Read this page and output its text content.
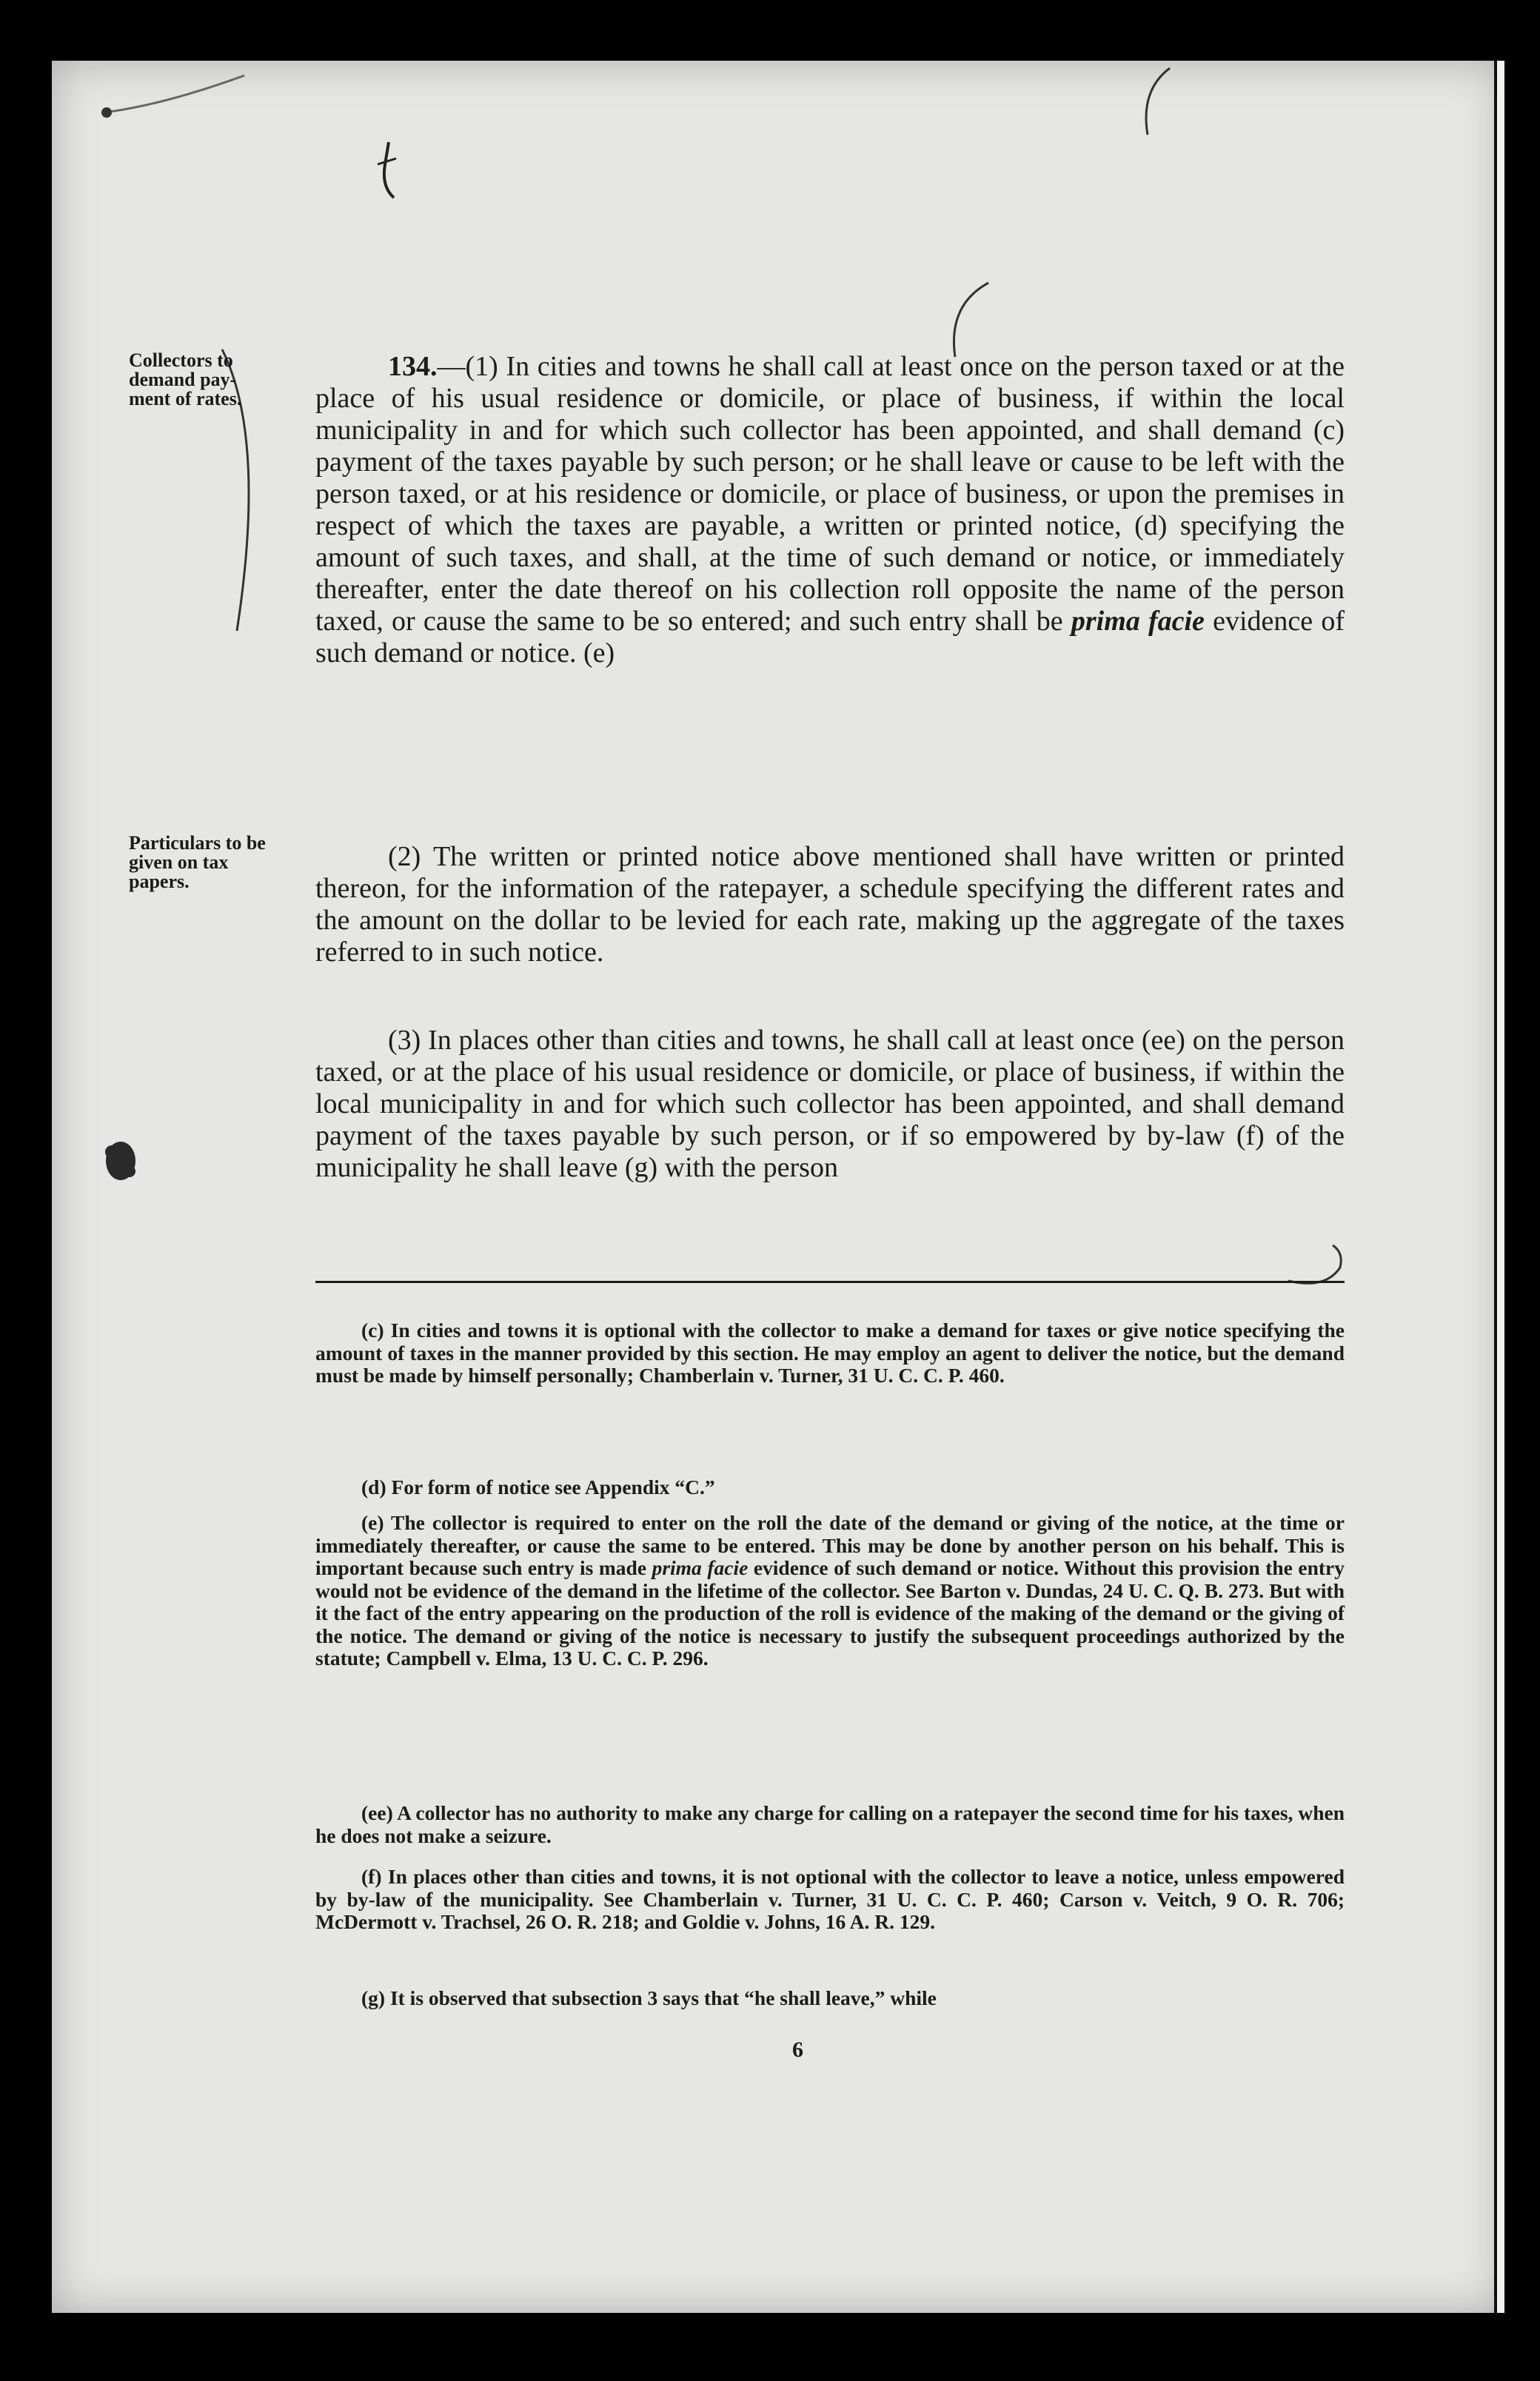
Collectors to demand pay-ment of rates.

Particulars to be given on tax papers.

134.—(1) In cities and towns he shall call at least once on the person taxed or at the place of his usual residence or domicile, or place of business, if within the local municipality in and for which such collector has been appointed, and shall demand (c) payment of the taxes payable by such person; or he shall leave or cause to be left with the person taxed, or at his residence or domicile, or place of business, or upon the premises in respect of which the taxes are payable, a written or printed notice, (d) specifying the amount of such taxes, and shall, at the time of such demand or notice, or immediately thereafter, enter the date thereof on his collection roll opposite the name of the person taxed, or cause the same to be so entered; and such entry shall be prima facie evidence of such demand or notice. (e)

(2) The written or printed notice above mentioned shall have written or printed thereon, for the information of the ratepayer, a schedule specifying the different rates and the amount on the dollar to be levied for each rate, making up the aggregate of the taxes referred to in such notice.

(3) In places other than cities and towns, he shall call at least once (ee) on the person taxed, or at the place of his usual residence or domicile, or place of business, if within the local municipality in and for which such collector has been appointed, and shall demand payment of the taxes payable by such person, or if so empowered by by-law (f) of the municipality he shall leave (g) with the person

(c) In cities and towns it is optional with the collector to make a demand for taxes or give notice specifying the amount of taxes in the manner provided by this section. He may employ an agent to deliver the notice, but the demand must be made by himself personally; Chamberlain v. Turner, 31 U. C. C. P. 460.

(d) For form of notice see Appendix “C.”

(e) The collector is required to enter on the roll the date of the demand or giving of the notice, at the time or immediately thereafter, or cause the same to be entered. This may be done by another person on his behalf. This is important because such entry is made prima facie evidence of such demand or notice. Without this provision the entry would not be evidence of the demand in the lifetime of the collector. See Barton v. Dundas, 24 U. C. Q. B. 273. But with it the fact of the entry appearing on the production of the roll is evidence of the making of the demand or the giving of the notice. The demand or giving of the notice is necessary to justify the subsequent proceedings authorized by the statute; Campbell v. Elma, 13 U. C. C. P. 296.

(ee) A collector has no authority to make any charge for calling on a ratepayer the second time for his taxes, when he does not make a seizure.

(f) In places other than cities and towns, it is not optional with the collector to leave a notice, unless empowered by by-law of the municipality. See Chamberlain v. Turner, 31 U. C. C. P. 460; Carson v. Veitch, 9 O. R. 706; McDermott v. Trachsel, 26 O. R. 218; and Goldie v. Johns, 16 A. R. 129.

(g) It is observed that subsection 3 says that “he shall leave,” while

6
